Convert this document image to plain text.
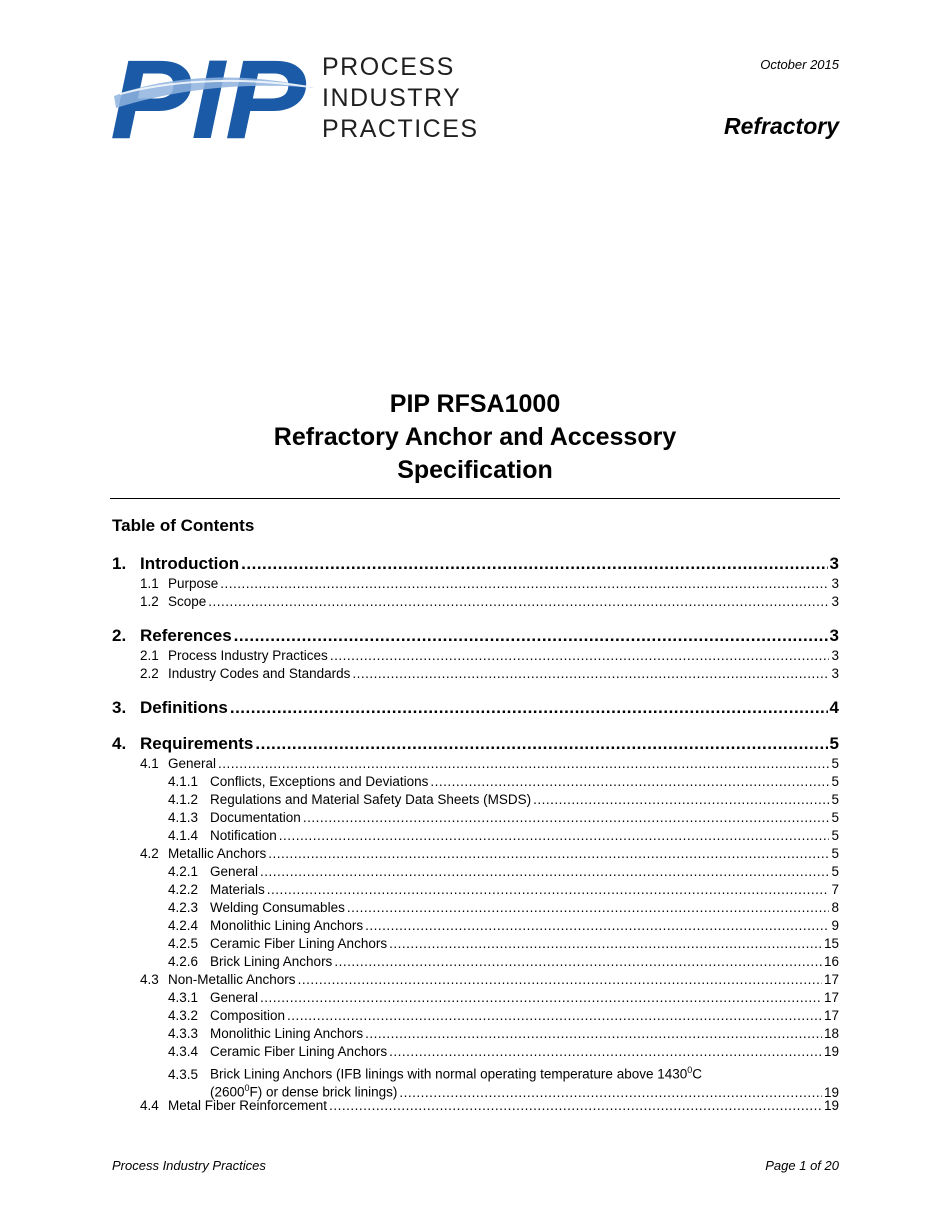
PIP PROCESS
INDUSTRY
PRACTICES
October 2015
Refractory
PIP RFSA1000
Refractory Anchor and Accessory
Specification
Table of Contents
1. Introduction .....	3
1.1 Purpose .....	3
1.2 Scope .....	3
2. References .....	3
2.1 Process Industry Practices .....	3
2.2 Industry Codes and Standards .....	3
3. Definitions .....	4
4. Requirements .....	5
4.1 General .....	5
4.1.1 Conflicts, Exceptions and Deviations .....	5
4.1.2 Regulations and Material Safety Data Sheets (MSDS) .....	5
4.1.3 Documentation .....	5
4.1.4 Notification .....	5
4.2 Metallic Anchors .....	5
4.2.1 General .....	5
4.2.2 Materials .....	7
4.2.3 Welding Consumables .....	8
4.2.4 Monolithic Lining Anchors .....	9
4.2.5 Ceramic Fiber Lining Anchors .....	15
4.2.6 Brick Lining Anchors .....	16
4.3 Non-Metallic Anchors .....	17
4.3.1 General .....	17
4.3.2 Composition .....	17
4.3.3 Monolithic Lining Anchors .....	18
4.3.4 Ceramic Fiber Lining Anchors .....	19
4.3.5 Brick Lining Anchors (IFB linings with normal operating temperature above 1430$^0$C
(2600$^0$F) or dense brick linings) .....	19
4.4 Metal Fiber Reinforcement .....	19
Process Industry Practices	Page 1 of 20
